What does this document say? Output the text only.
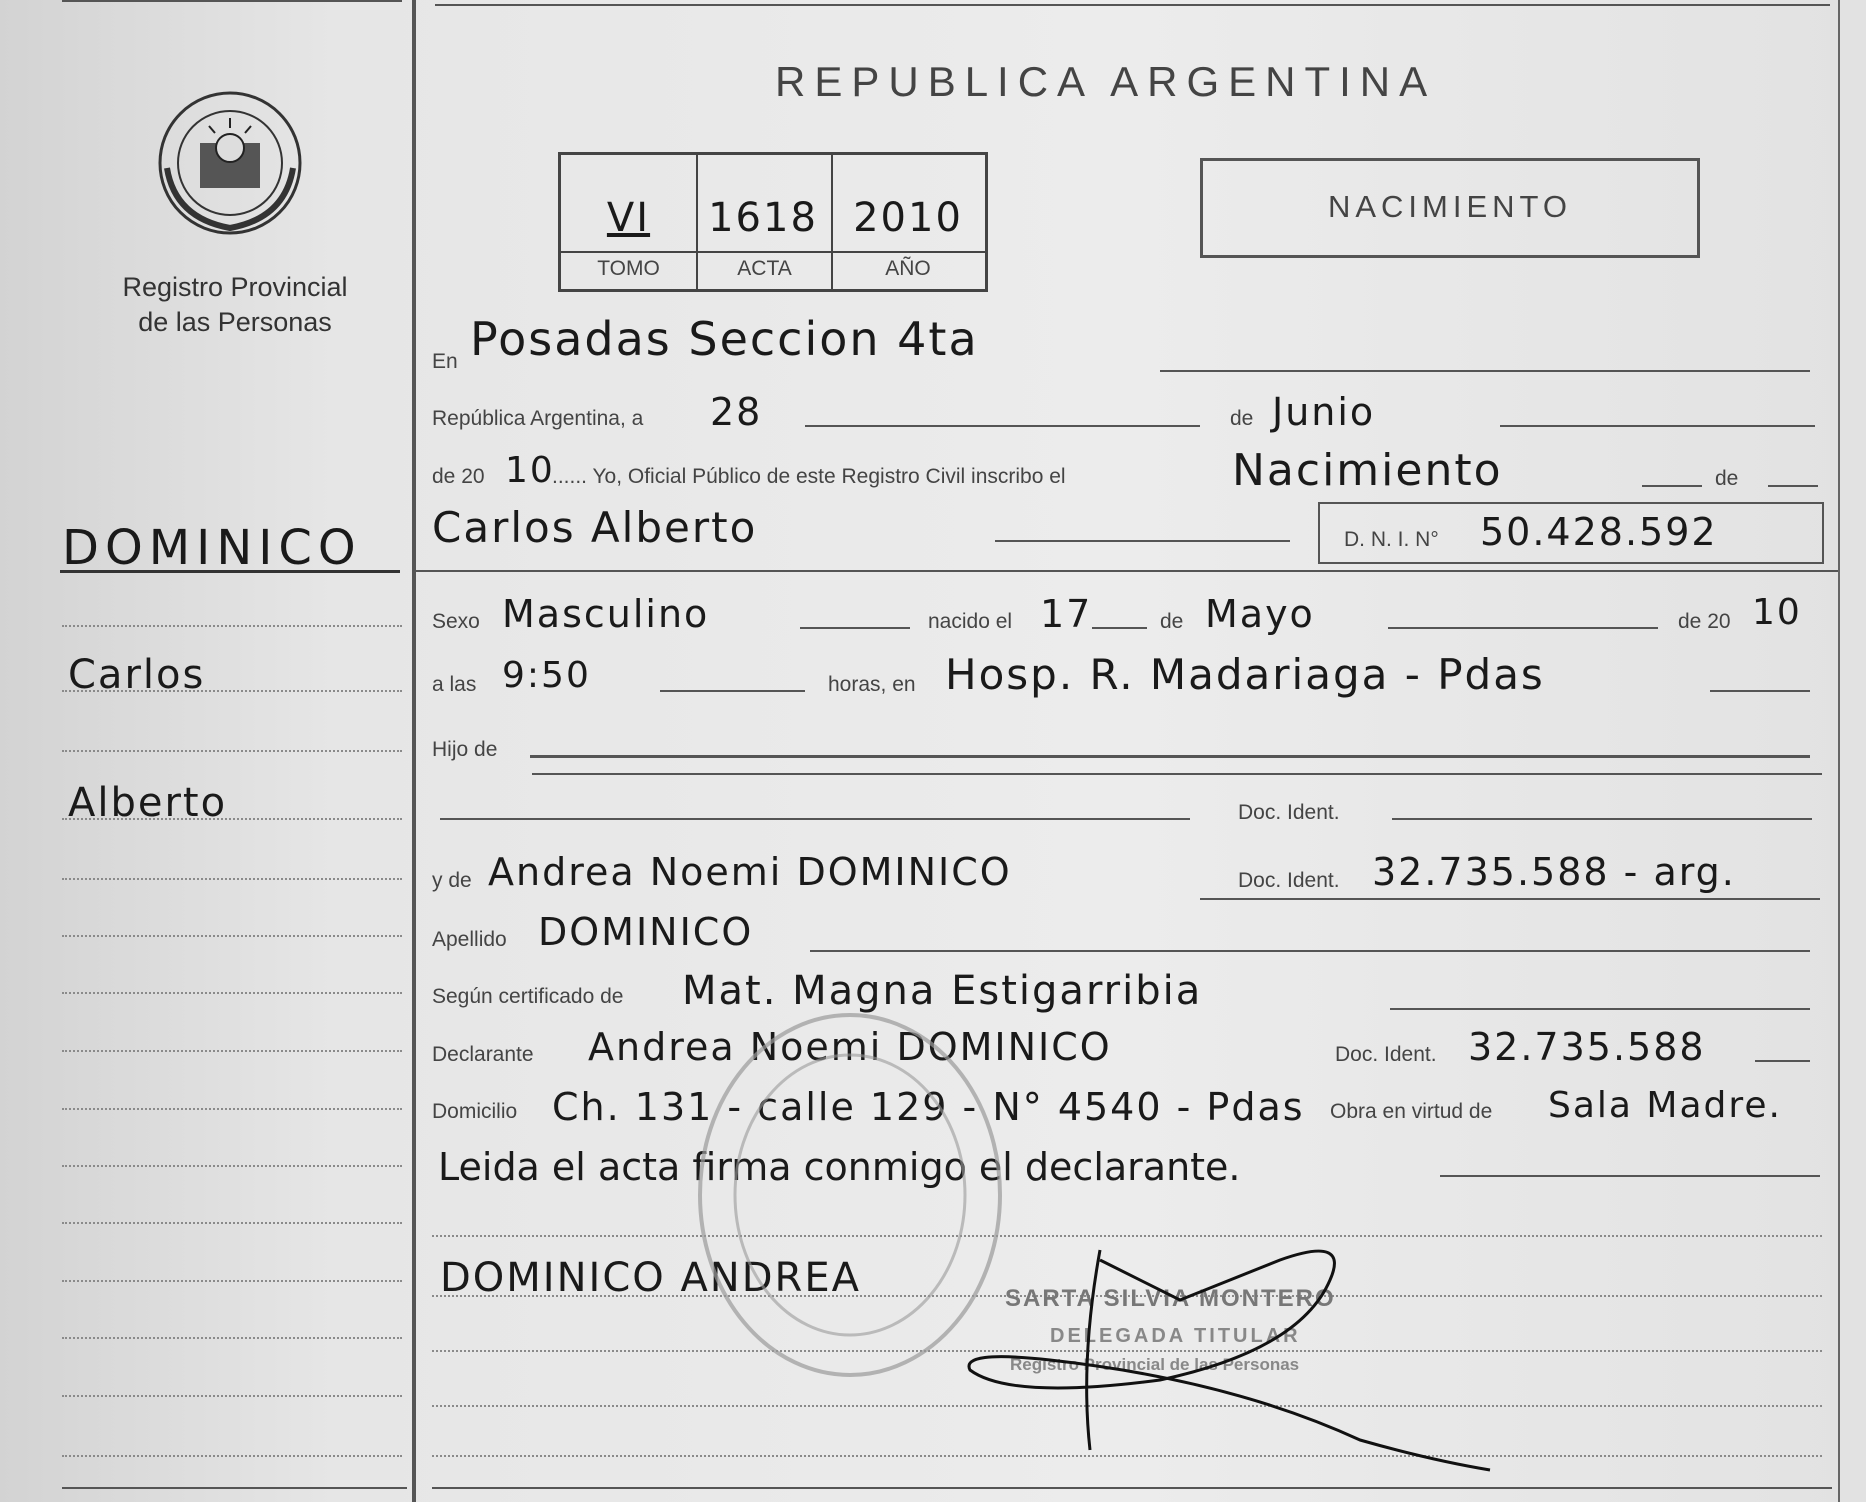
Registro Provincial
de las Personas
DOMINICO
Carlos
Alberto
REPUBLICA ARGENTINA
VI	1618 2010
TOMO	ACTA	AÑO
NACIMIENTO
En Posadas Seccion 4ta
República Argentina, a 28	de Junio
de 20 10
...... Yo, Oficial Público de este Registro Civil inscribo el	Nacimiento	de
Carlos Alberto	D. N. I. N° 50.428.592
Sexo Masculino	nacido el 17	de Mayo	de 20 10
a las 9:50	horas, en Hosp. R. Madariaga - Pdas
Hijo de
Doc. Ident.
y de Andrea Noemi DOMINICO	Doc. Ident. 32.735.588 - arg.
Apellido DOMINICO
Según certificado de Mat. Magna Estigarribia
Declarante Andrea Noemi DOMINICO	Doc. Ident. 32.735.588
Domicilio Ch. 131 - calle 129 - N° 4540 - Pdas Obra en virtud de Sala Madre.
Leida el acta firma conmigo el declarante.
DOMINICO ANDREA	SARTA SILVIA MONTERO
DELEGADA TITULAR
Registro Provincial de las Personas
